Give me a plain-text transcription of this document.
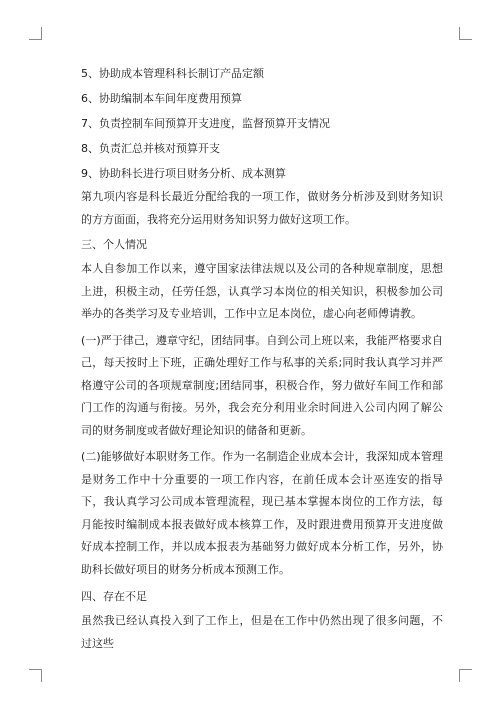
5、协助成本管理科科长制订产品定额
6、协助编制本车间年度费用预算
7、负责控制车间预算开支进度，监督预算开支情况
8、负责汇总并核对预算开支
9、协助科长进行项目财务分析、成本测算

第九项内容是科长最近分配给我的一项工作，做财务分析涉及到财务知识的方方面面，我将充分运用财务知识努力做好这项工作。

三、个人情况

本人自参加工作以来，遵守国家法律法规以及公司的各种规章制度，思想上进，积极主动，任劳任怨，认真学习本岗位的相关知识，积极参加公司举办的各类学习及专业培训，工作中立足本岗位，虚心向老师傅请教。

(一)严于律己，遵章守纪，团结同事。自到公司上班以来，我能严格要求自己，每天按时上下班，正确处理好工作与私事的关系;同时我认真学习并严格遵守公司的各项规章制度;团结同事，积极合作，努力做好车间工作和部门工作的沟通与衔接。另外，我会充分利用业余时间进入公司内网了解公司的财务制度或者做好理论知识的储备和更新。

(二)能够做好本职财务工作。作为一名制造企业成本会计，我深知成本管理是财务工作中十分重要的一项工作内容，在前任成本会计巫连安的指导下，我认真学习公司成本管理流程，现已基本掌握本岗位的工作方法，每月能按时编制成本报表做好成本核算工作，及时跟进费用预算开支进度做好成本控制工作，并以成本报表为基础努力做好成本分析工作，另外，协助科长做好项目的财务分析成本预测工作。

四、存在不足

虽然我已经认真投入到了工作上，但是在工作中仍然出现了很多问题，不过这些
